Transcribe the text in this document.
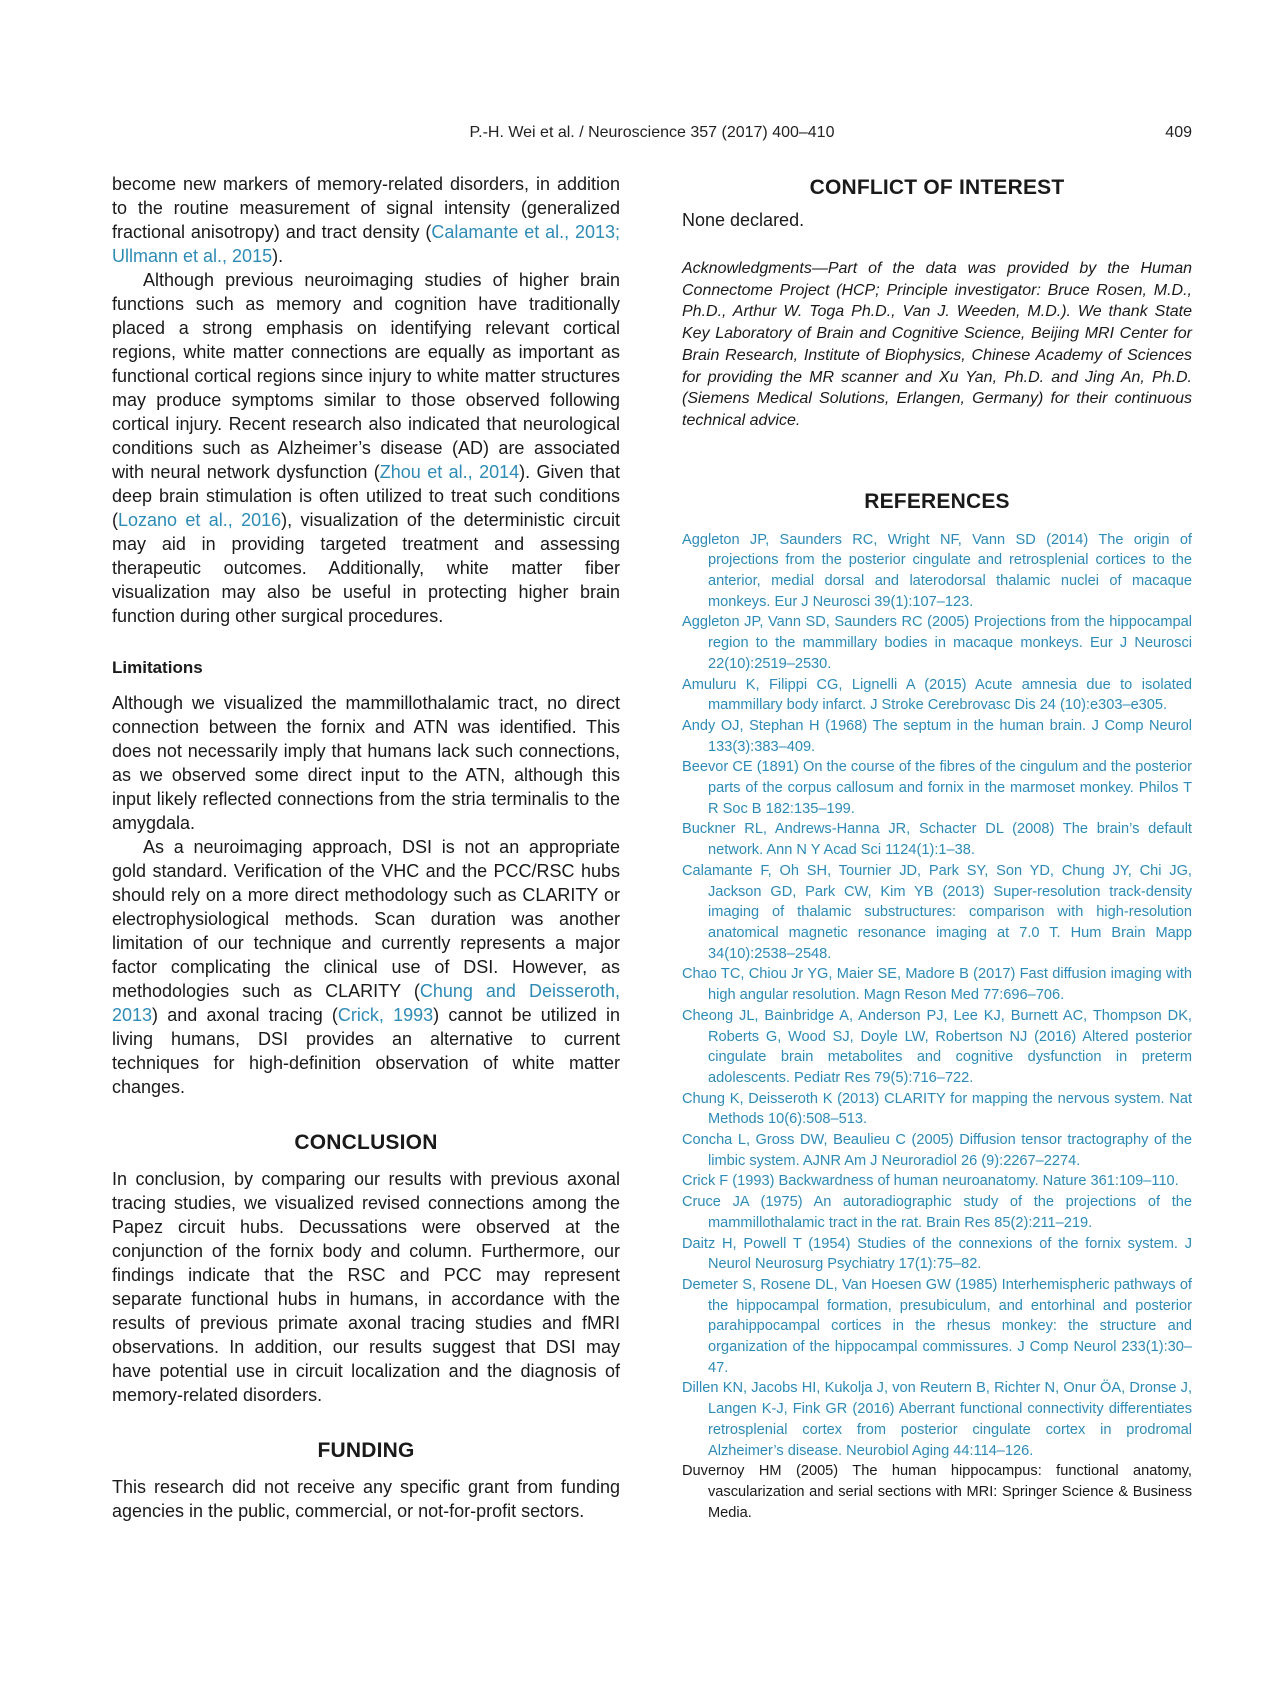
P.-H. Wei et al. / Neuroscience 357 (2017) 400–410	409

become new markers of memory-related disorders, in addition to the routine measurement of signal intensity (generalized fractional anisotropy) and tract density (Calamante et al., 2013; Ullmann et al., 2015).

Although previous neuroimaging studies of higher brain functions such as memory and cognition have traditionally placed a strong emphasis on identifying relevant cortical regions, white matter connections are equally as important as functional cortical regions since injury to white matter structures may produce symptoms similar to those observed following cortical injury. Recent research also indicated that neurological conditions such as Alzheimer’s disease (AD) are associated with neural network dysfunction (Zhou et al., 2014). Given that deep brain stimulation is often utilized to treat such conditions (Lozano et al., 2016), visualization of the deterministic circuit may aid in providing targeted treatment and assessing therapeutic outcomes. Additionally, white matter fiber visualization may also be useful in protecting higher brain function during other surgical procedures.

Limitations

Although we visualized the mammillothalamic tract, no direct connection between the fornix and ATN was identified. This does not necessarily imply that humans lack such connections, as we observed some direct input to the ATN, although this input likely reflected connections from the stria terminalis to the amygdala.

As a neuroimaging approach, DSI is not an appropriate gold standard. Verification of the VHC and the PCC/RSC hubs should rely on a more direct methodology such as CLARITY or electrophysiological methods. Scan duration was another limitation of our technique and currently represents a major factor complicating the clinical use of DSI. However, as methodologies such as CLARITY (Chung and Deisseroth, 2013) and axonal tracing (Crick, 1993) cannot be utilized in living humans, DSI provides an alternative to current techniques for high-definition observation of white matter changes.

CONCLUSION

In conclusion, by comparing our results with previous axonal tracing studies, we visualized revised connections among the Papez circuit hubs. Decussations were observed at the conjunction of the fornix body and column. Furthermore, our findings indicate that the RSC and PCC may represent separate functional hubs in humans, in accordance with the results of previous primate axonal tracing studies and fMRI observations. In addition, our results suggest that DSI may have potential use in circuit localization and the diagnosis of memory-related disorders.

FUNDING

This research did not receive any specific grant from funding agencies in the public, commercial, or not-for-profit sectors.

CONFLICT OF INTEREST

None declared.

Acknowledgments—Part of the data was provided by the Human Connectome Project (HCP; Principle investigator: Bruce Rosen, M.D., Ph.D., Arthur W. Toga Ph.D., Van J. Weeden, M.D.). We thank State Key Laboratory of Brain and Cognitive Science, Beijing MRI Center for Brain Research, Institute of Biophysics, Chinese Academy of Sciences for providing the MR scanner and Xu Yan, Ph.D. and Jing An, Ph.D. (Siemens Medical Solutions, Erlangen, Germany) for their continuous technical advice.

REFERENCES
Aggleton JP, Saunders RC, Wright NF, Vann SD (2014) The origin of projections from the posterior cingulate and retrosplenial cortices to the anterior, medial dorsal and laterodorsal thalamic nuclei of macaque monkeys. Eur J Neurosci 39(1):107–123.
Aggleton JP, Vann SD, Saunders RC (2005) Projections from the hippocampal region to the mammillary bodies in macaque monkeys. Eur J Neurosci 22(10):2519–2530.
Amuluru K, Filippi CG, Lignelli A (2015) Acute amnesia due to isolated mammillary body infarct. J Stroke Cerebrovasc Dis 24 (10):e303–e305.
Andy OJ, Stephan H (1968) The septum in the human brain. J Comp Neurol 133(3):383–409.
Beevor CE (1891) On the course of the fibres of the cingulum and the posterior parts of the corpus callosum and fornix in the marmoset monkey. Philos T R Soc B 182:135–199.
Buckner RL, Andrews-Hanna JR, Schacter DL (2008) The brain’s default network. Ann N Y Acad Sci 1124(1):1–38.
Calamante F, Oh SH, Tournier JD, Park SY, Son YD, Chung JY, Chi JG, Jackson GD, Park CW, Kim YB (2013) Super-resolution track-density imaging of thalamic substructures: comparison with high-resolution anatomical magnetic resonance imaging at 7.0 T. Hum Brain Mapp 34(10):2538–2548.
Chao TC, Chiou Jr YG, Maier SE, Madore B (2017) Fast diffusion imaging with high angular resolution. Magn Reson Med 77:696–706.
Cheong JL, Bainbridge A, Anderson PJ, Lee KJ, Burnett AC, Thompson DK, Roberts G, Wood SJ, Doyle LW, Robertson NJ (2016) Altered posterior cingulate brain metabolites and cognitive dysfunction in preterm adolescents. Pediatr Res 79(5):716–722.
Chung K, Deisseroth K (2013) CLARITY for mapping the nervous system. Nat Methods 10(6):508–513.
Concha L, Gross DW, Beaulieu C (2005) Diffusion tensor tractography of the limbic system. AJNR Am J Neuroradiol 26 (9):2267–2274.
Crick F (1993) Backwardness of human neuroanatomy. Nature 361:109–110.
Cruce JA (1975) An autoradiographic study of the projections of the mammillothalamic tract in the rat. Brain Res 85(2):211–219.
Daitz H, Powell T (1954) Studies of the connexions of the fornix system. J Neurol Neurosurg Psychiatry 17(1):75–82.
Demeter S, Rosene DL, Van Hoesen GW (1985) Interhemispheric pathways of the hippocampal formation, presubiculum, and entorhinal and posterior parahippocampal cortices in the rhesus monkey: the structure and organization of the hippocampal commissures. J Comp Neurol 233(1):30–47.
Dillen KN, Jacobs HI, Kukolja J, von Reutern B, Richter N, Onur ÖA, Dronse J, Langen K-J, Fink GR (2016) Aberrant functional connectivity differentiates retrosplenial cortex from posterior cingulate cortex in prodromal Alzheimer’s disease. Neurobiol Aging 44:114–126.
Duvernoy HM (2005) The human hippocampus: functional anatomy, vascularization and serial sections with MRI: Springer Science & Business Media.
